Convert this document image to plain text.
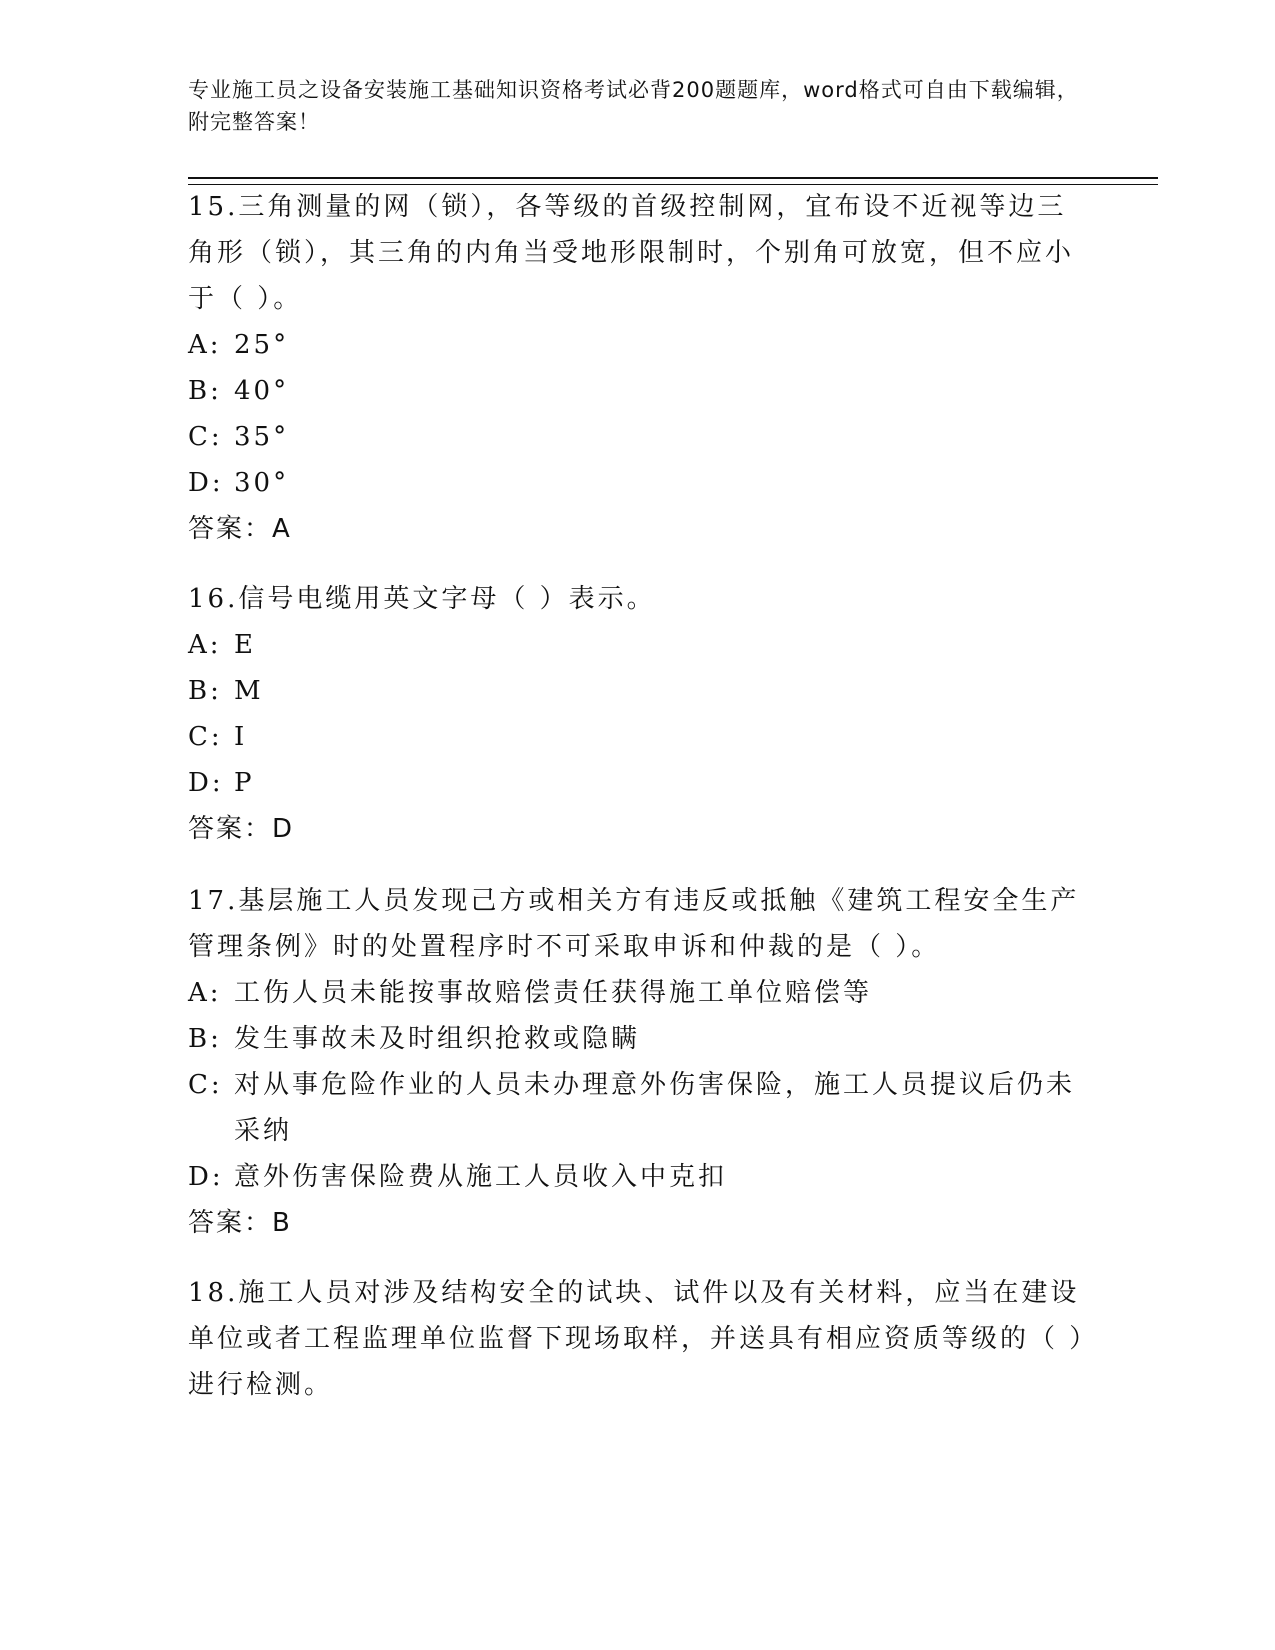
专业施工员之设备安装施工基础知识资格考试必背200题题库，word格式可自由下载编辑，附完整答案！
15.三角测量的网（锁），各等级的首级控制网，宜布设不近视等边三角形（锁），其三角的内角当受地形限制时，个别角可放宽，但不应小于（ ）。
A: 25°
B: 40°
C: 35°
D: 30°
答案：A
16.信号电缆用英文字母（ ）表示。
A: E
B: M
C: I
D: P
答案：D
17.基层施工人员发现己方或相关方有违反或抵触《建筑工程安全生产管理条例》时的处置程序时不可采取申诉和仲裁的是（ ）。
A: 工伤人员未能按事故赔偿责任获得施工单位赔偿等
B: 发生事故未及时组织抢救或隐瞒
C: 对从事危险作业的人员未办理意外伤害保险，施工人员提议后仍未采纳
D: 意外伤害保险费从施工人员收入中克扣
答案：B
18.施工人员对涉及结构安全的试块、试件以及有关材料，应当在建设单位或者工程监理单位监督下现场取样，并送具有相应资质等级的（ ）进行检测。
